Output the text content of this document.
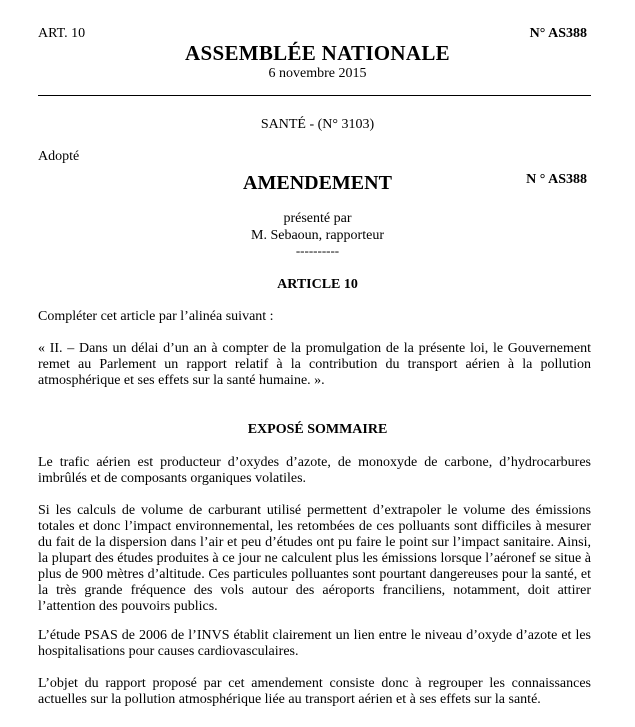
ART. 10	N° AS388
ASSEMBLÉE NATIONALE
6 novembre 2015
SANTÉ - (N° 3103)
Adopté
AMENDEMENT	N ° AS388
présenté par
M. Sebaoun, rapporteur
----------
ARTICLE 10
Compléter cet article par l’alinéa suivant :
« II. – Dans un délai d’un an à compter de la promulgation de la présente loi, le Gouvernement remet au Parlement un rapport relatif à la contribution du transport aérien à la pollution atmosphérique et ses effets sur la santé humaine. ».
EXPOSÉ SOMMAIRE
Le trafic aérien est producteur d’oxydes d’azote, de monoxyde de carbone, d’hydrocarbures imbrûlés et de composants organiques volatiles.
Si les calculs de volume de carburant utilisé permettent d’extrapoler le volume des émissions totales et donc l’impact environnemental, les retombées de ces polluants sont difficiles à mesurer du fait de la dispersion dans l’air et peu d’études ont pu faire le point sur l’impact sanitaire. Ainsi, la plupart des études produites à ce jour ne calculent plus les émissions lorsque l’aéronef se situe à plus de 900 mètres d’altitude. Ces particules polluantes sont pourtant dangereuses pour la santé, et la très grande fréquence des vols autour des aéroports franciliens, notamment, doit attirer l’attention des pouvoirs publics.
L’étude PSAS de 2006 de l’INVS établit clairement un lien entre le niveau d’oxyde d’azote et les hospitalisations pour causes cardiovasculaires.
L’objet du rapport proposé par cet amendement consiste donc à regrouper les connaissances actuelles sur la pollution atmosphérique liée au transport aérien et à ses effets sur la santé.
